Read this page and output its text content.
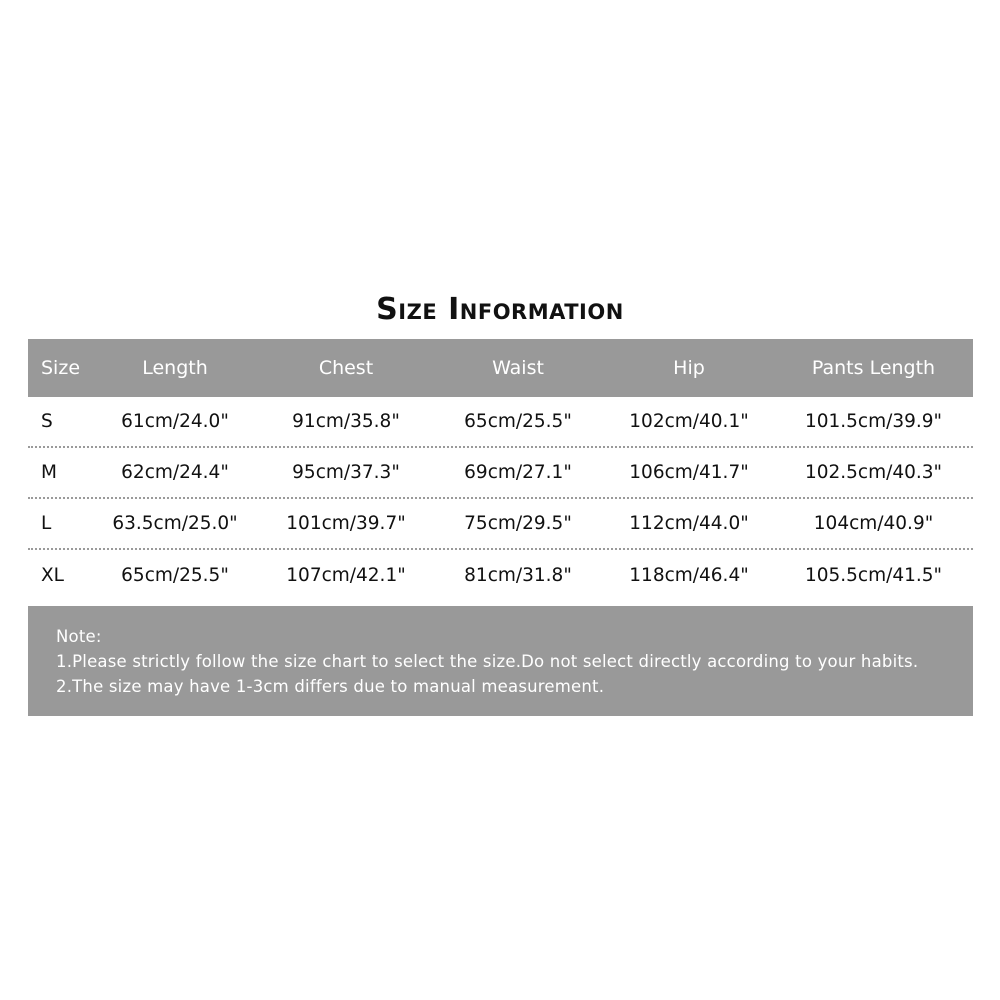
Size Information
Size	Length	Chest	Waist	Hip	Pants Length
S	61cm/24.0"	91cm/35.8"	65cm/25.5"	102cm/40.1"	101.5cm/39.9"
M	62cm/24.4"	95cm/37.3"	69cm/27.1"	106cm/41.7"	102.5cm/40.3"
L	63.5cm/25.0"	101cm/39.7"	75cm/29.5"	112cm/44.0"	104cm/40.9"
XL	65cm/25.5"	107cm/42.1"	81cm/31.8"	118cm/46.4"	105.5cm/41.5"
Note:
1.Please strictly follow the size chart to select the size.Do not select directly according to your habits.
2.The size may have 1-3cm differs due to manual measurement.
